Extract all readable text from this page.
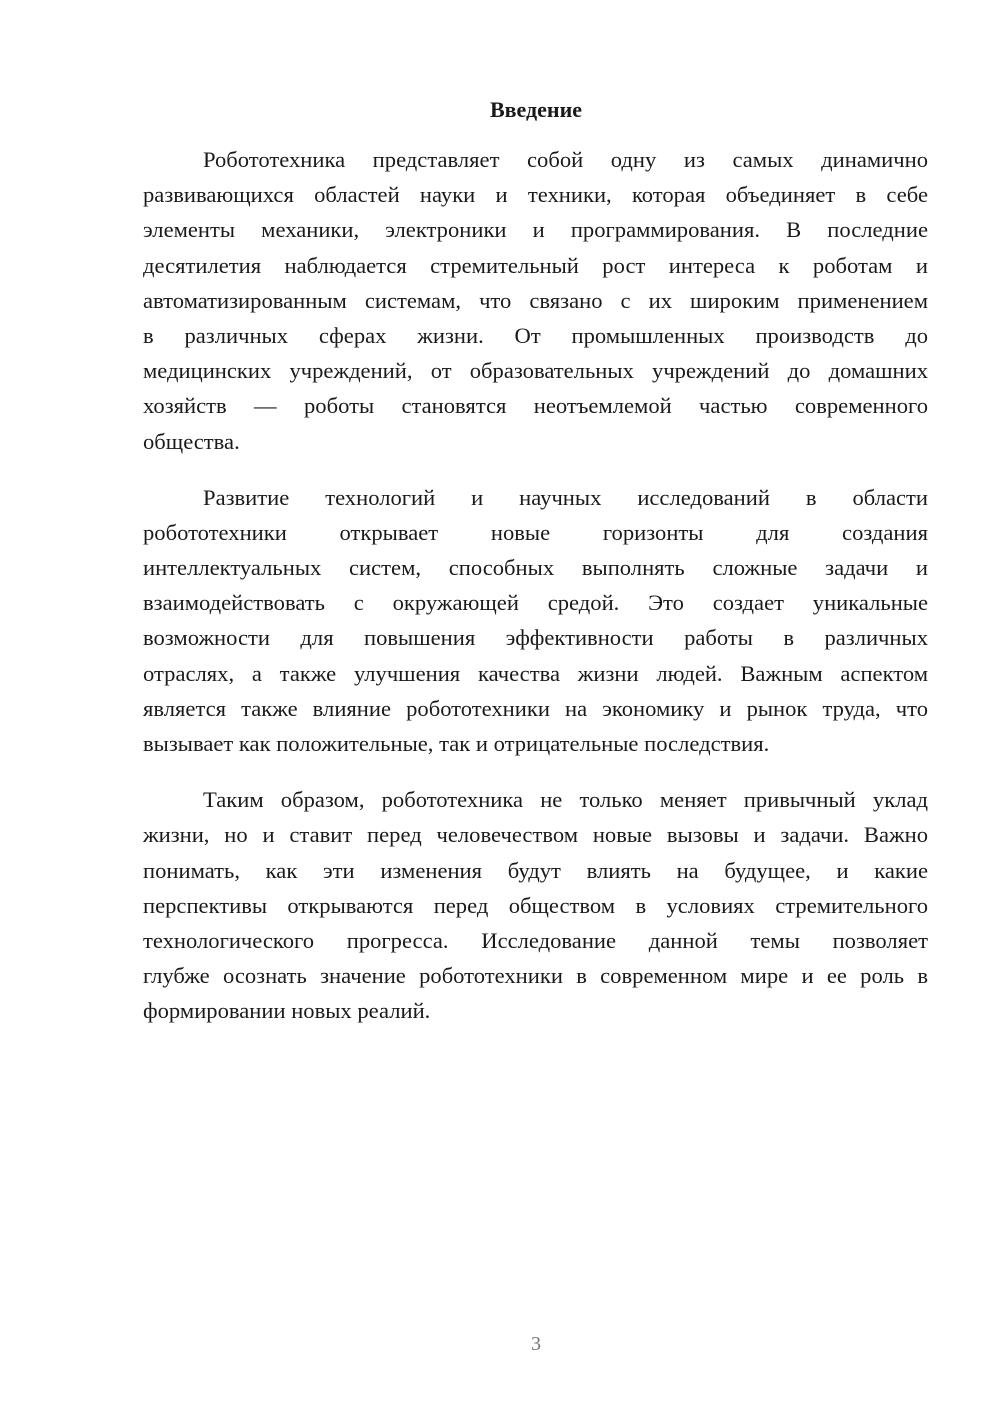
Введение
Робототехника представляет собой одну из самых динамично
развивающихся областей науки и техники, которая объединяет в себе
элементы механики, электроники и программирования. В последние
десятилетия наблюдается стремительный рост интереса к роботам и
автоматизированным системам, что связано с их широким применением
в различных сферах жизни. От промышленных производств до
медицинских учреждений, от образовательных учреждений до домашних
хозяйств — роботы становятся неотъемлемой частью современного
общества.
Развитие технологий и научных исследований в области
робототехники открывает новые горизонты для создания
интеллектуальных систем, способных выполнять сложные задачи и
взаимодействовать с окружающей средой. Это создает уникальные
возможности для повышения эффективности работы в различных
отраслях, а также улучшения качества жизни людей. Важным аспектом
является также влияние робототехники на экономику и рынок труда, что
вызывает как положительные, так и отрицательные последствия.
Таким образом, робототехника не только меняет привычный уклад
жизни, но и ставит перед человечеством новые вызовы и задачи. Важно
понимать, как эти изменения будут влиять на будущее, и какие
перспективы открываются перед обществом в условиях стремительного
технологического прогресса. Исследование данной темы позволяет
глубже осознать значение робототехники в современном мире и ее роль в
формировании новых реалий.
3
